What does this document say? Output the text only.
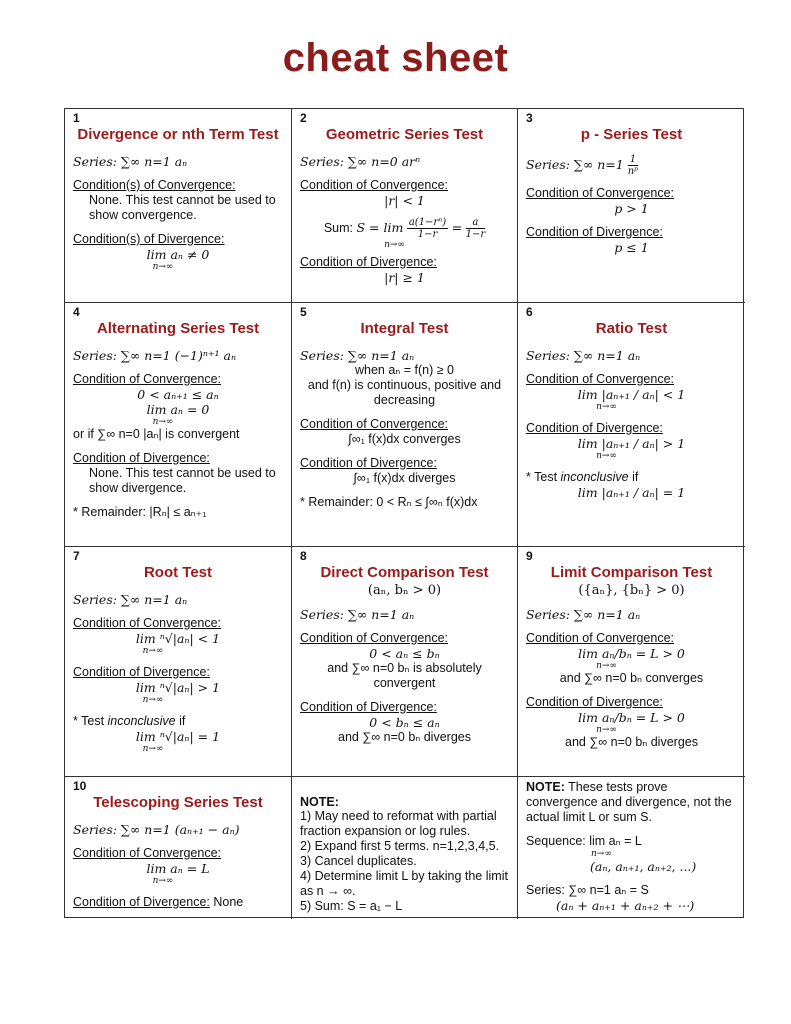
cheat sheet
1
Divergence or nth Term Test
Series: ∑∞ n=1 aₙ
Condition(s) of Convergence:
None. This test cannot be used to show convergence.
Condition(s) of Divergence:
lim aₙ ≠ 0
n→∞
2
Geometric Series Test
Series: ∑∞ n=0 arⁿ
Condition of Convergence:
|r| < 1
Sum: $S = \lim \frac{\text{a(1−rⁿ)}}{1-r} = \frac{a}{1-r}$
n→∞
Condition of Divergence:
|r| ≥ 1
3
p - Series Test
Series: ∑∞ $n=1 \frac{1}{\text{nᵖ}}$
Condition of Convergence:
p > 1
Condition of Divergence:
p ≤ 1
4
Alternating Series Test
Series: ∑∞ n=1 (−1)ⁿ⁺¹ aₙ
Condition of Convergence:
0 < aₙ₊₁ ≤ aₙ
lim aₙ = 0
n→∞
or if ∑∞ n=0 |aₙ| is convergent
Condition of Divergence:
None. This test cannot be used to show divergence.
* Remainder: |Rₙ| ≤ aₙ₊₁
5
Integral Test
Series: ∑∞ n=1 aₙ
when aₙ = f(n) ≥ 0
and f(n) is continuous, positive and decreasing
Condition of Convergence:
∫∞₁ f(x)dx converges
Condition of Divergence:
∫∞₁ f(x)dx diverges
* Remainder: 0 < Rₙ ≤ ∫∞ₙ f(x)dx
6
Ratio Test
Series: ∑∞ n=1 aₙ
Condition of Convergence:
lim |aₙ₊₁ / aₙ| < 1
n→∞
Condition of Divergence:
lim |aₙ₊₁ / aₙ| > 1
n→∞
* Test inconclusive if
lim |aₙ₊₁ / aₙ| = 1
7
Root Test
Series: ∑∞ n=1 aₙ
Condition of Convergence:
lim ⁿ√|aₙ| < 1
n→∞
Condition of Divergence:
lim ⁿ√|aₙ| > 1
n→∞
* Test inconclusive if
lim ⁿ√|aₙ| = 1
n→∞
8
Direct Comparison Test
(aₙ, bₙ > 0)
Series: ∑∞ n=1 aₙ
Condition of Convergence:
0 < aₙ ≤ bₙ
and ∑∞ n=0 bₙ is absolutely convergent
Condition of Divergence:
0 < bₙ ≤ aₙ
and ∑∞ n=0 bₙ diverges
9
Limit Comparison Test
({aₙ}, {bₙ} > 0)
Series: ∑∞ n=1 aₙ
Condition of Convergence:
lim aₙ/bₙ = L > 0
n→∞
and ∑∞ n=0 bₙ converges
Condition of Divergence:
lim aₙ/bₙ = L > 0
n→∞
and ∑∞ n=0 bₙ diverges
10
Telescoping Series Test
Series: ∑∞ n=1 (aₙ₊₁ − aₙ)
Condition of Convergence:
lim aₙ = L
n→∞
Condition of Divergence: None
NOTE:
1) May need to reformat with partial fraction expansion or log rules.
2) Expand first 5 terms. n=1,2,3,4,5.
3) Cancel duplicates.
4) Determine limit L by taking the limit as n → ∞.
5) Sum: S = a₁ − L
NOTE: These tests prove convergence and divergence, not the actual limit L or sum S.
Sequence: lim aₙ = L
n→∞
(aₙ, aₙ₊₁, aₙ₊₂, ...)
Series: ∑∞ n=1 aₙ = S
(aₙ + aₙ₊₁ + aₙ₊₂ + ⋯)
